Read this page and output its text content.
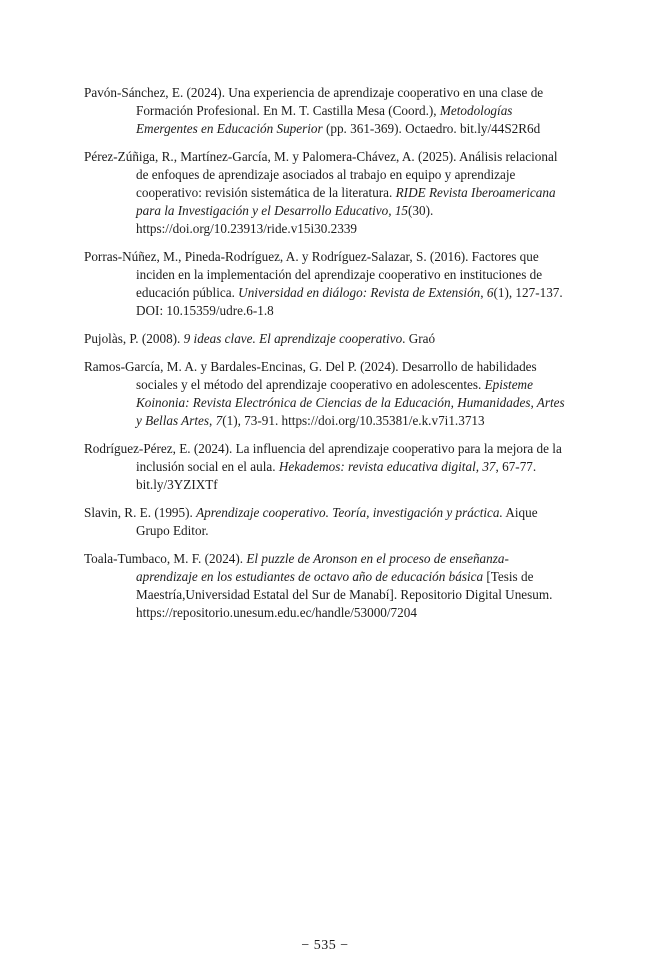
Pavón-Sánchez, E. (2024). Una experiencia de aprendizaje cooperativo en una clase de Formación Profesional. En M. T. Castilla Mesa (Coord.), Metodologías Emergentes en Educación Superior (pp. 361-369). Octaedro. bit.ly/44S2R6d

Pérez-Zúñiga, R., Martínez-García, M. y Palomera-Chávez, A. (2025). Análisis relacional de enfoques de aprendizaje asociados al trabajo en equipo y aprendizaje cooperativo: revisión sistemática de la literatura. RIDE Revista Iberoamericana para la Investigación y el Desarrollo Educativo, 15(30). https://doi.org/10.23913/ride.v15i30.2339

Porras-Núñez, M., Pineda-Rodríguez, A. y Rodríguez-Salazar, S. (2016). Factores que inciden en la implementación del aprendizaje cooperativo en instituciones de educación pública. Universidad en diálogo: Revista de Extensión, 6(1), 127-137. DOI: 10.15359/udre.6-1.8

Pujolàs, P. (2008). 9 ideas clave. El aprendizaje cooperativo. Graó

Ramos-García, M. A. y Bardales-Encinas, G. Del P. (2024). Desarrollo de habilidades sociales y el método del aprendizaje cooperativo en adolescentes. Episteme Koinonia: Revista Electrónica de Ciencias de la Educación, Humanidades, Artes y Bellas Artes, 7(1), 73-91. https://doi.org/10.35381/e.k.v7i1.3713

Rodríguez-Pérez, E. (2024). La influencia del aprendizaje cooperativo para la mejora de la inclusión social en el aula. Hekademos: revista educativa digital, 37, 67-77. bit.ly/3YZIXTf

Slavin, R. E. (1995). Aprendizaje cooperativo. Teoría, investigación y práctica. Aique Grupo Editor.

Toala-Tumbaco, M. F. (2024). El puzzle de Aronson en el proceso de enseñanza-aprendizaje en los estudiantes de octavo año de educación básica [Tesis de Maestría,Universidad Estatal del Sur de Manabí]. Repositorio Digital Unesum. https://repositorio.unesum.edu.ec/handle/53000/7204

− 535 −
